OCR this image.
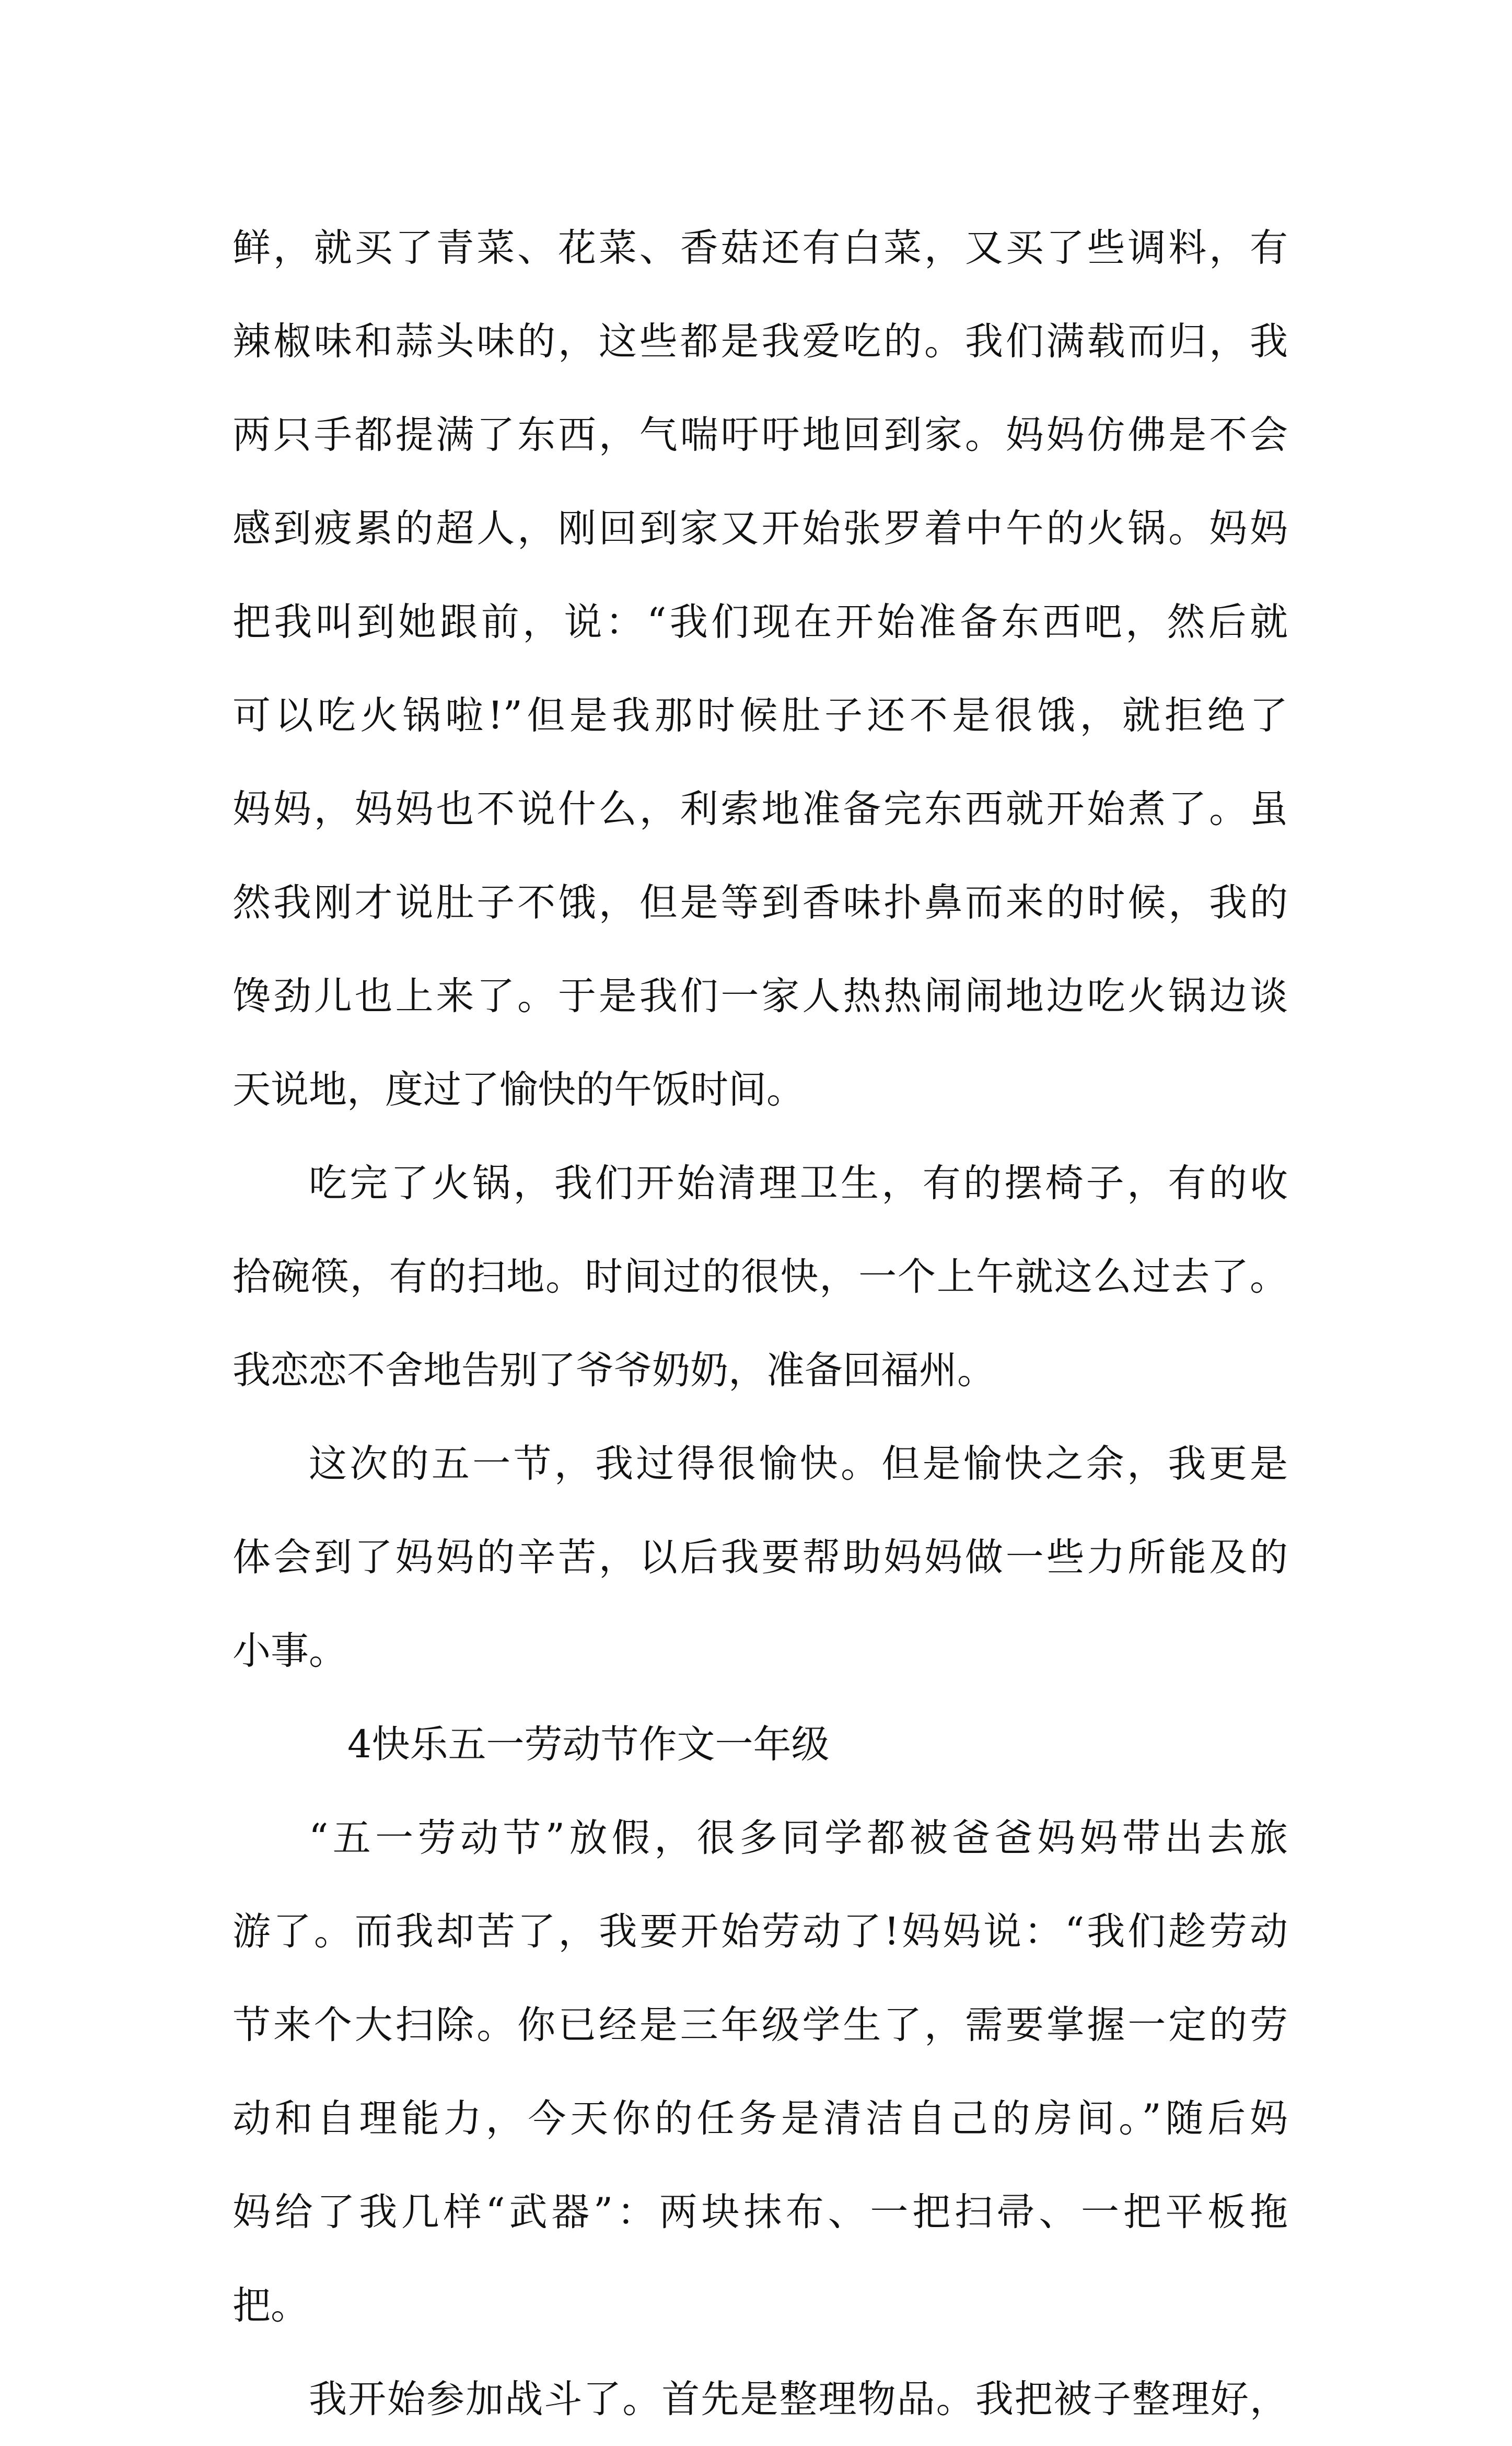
鲜，就买了青菜、花菜、香菇还有白菜，又买了些调料，有
辣椒味和蒜头味的，这些都是我爱吃的。我们满载而归，我
两只手都提满了东西，气喘吁吁地回到家。妈妈仿佛是不会
感到疲累的超人，刚回到家又开始张罗着中午的火锅。妈妈
把我叫到她跟前，说：“我们现在开始准备东西吧，然后就
可以吃火锅啦!”但是我那时候肚子还不是很饿，就拒绝了
妈妈，妈妈也不说什么，利索地准备完东西就开始煮了。虽
然我刚才说肚子不饿，但是等到香味扑鼻而来的时候，我的
馋劲儿也上来了。于是我们一家人热热闹闹地边吃火锅边谈
天说地，度过了愉快的午饭时间。
吃完了火锅，我们开始清理卫生，有的摆椅子，有的收
拾碗筷，有的扫地。时间过的很快，一个上午就这么过去了。
我恋恋不舍地告别了爷爷奶奶，准备回福州。
这次的五一节，我过得很愉快。但是愉快之余，我更是
体会到了妈妈的辛苦，以后我要帮助妈妈做一些力所能及的
小事。
4快乐五一劳动节作文一年级
“五一劳动节”放假，很多同学都被爸爸妈妈带出去旅
游了。而我却苦了，我要开始劳动了!妈妈说：“我们趁劳动
节来个大扫除。你已经是三年级学生了，需要掌握一定的劳
动和自理能力，今天你的任务是清洁自己的房间。”随后妈
妈给了我几样“武器”：两块抹布、一把扫帚、一把平板拖
把。
我开始参加战斗了。首先是整理物品。我把被子整理好，
